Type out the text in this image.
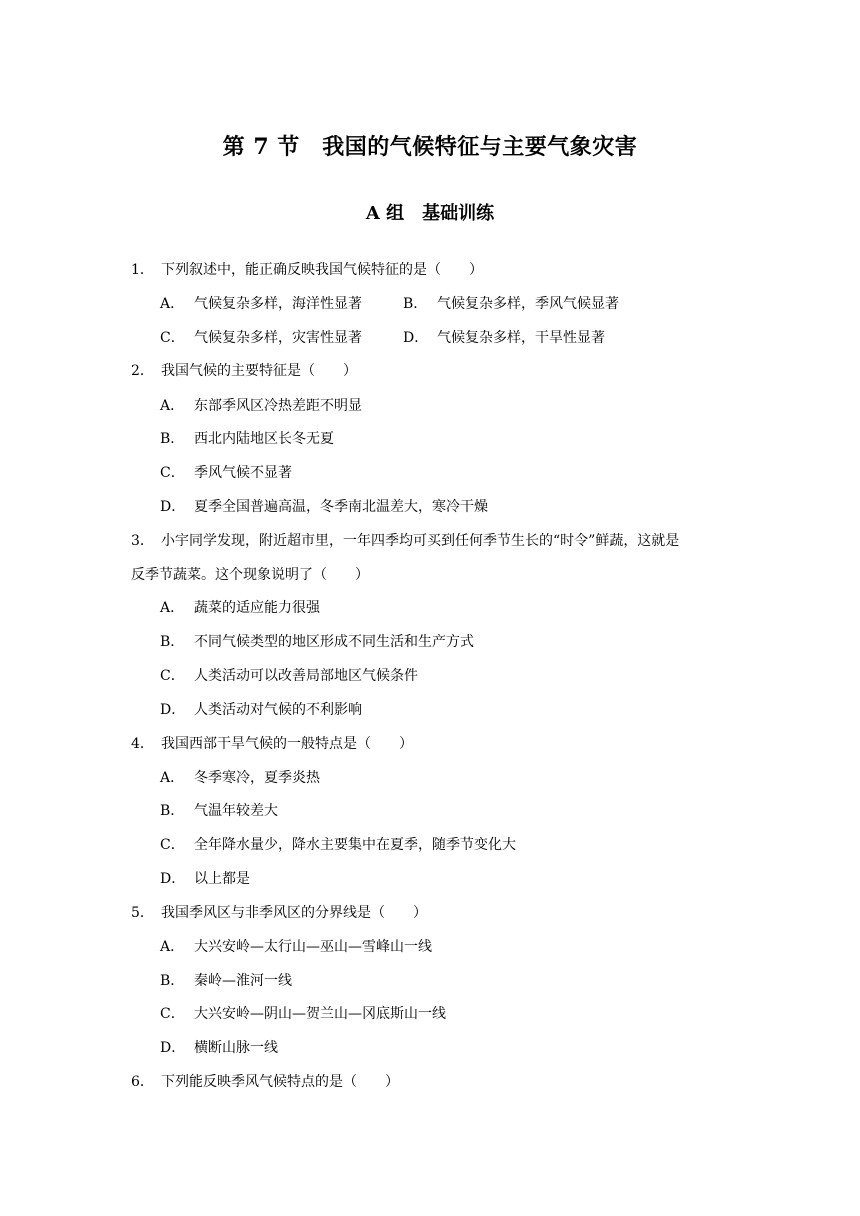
第 7 节　我国的气候特征与主要气象灾害
A 组　基础训练
1． 下列叙述中，能正确反映我国气候特征的是（　　）
A． 气候复杂多样，海洋性显著	B． 气候复杂多样，季风气候显著
C． 气候复杂多样，灾害性显著	D． 气候复杂多样，干旱性显著
2． 我国气候的主要特征是（　　）
A． 东部季风区冷热差距不明显
B． 西北内陆地区长冬无夏
C． 季风气候不显著
D． 夏季全国普遍高温，冬季南北温差大，寒冷干燥
3． 小宇同学发现，附近超市里，一年四季均可买到任何季节生长的“时令”鲜蔬，这就是
反季节蔬菜。这个现象说明了（　　）
A． 蔬菜的适应能力很强
B． 不同气候类型的地区形成不同生活和生产方式
C． 人类活动可以改善局部地区气候条件
D． 人类活动对气候的不利影响
4． 我国西部干旱气候的一般特点是（　　）
A． 冬季寒冷，夏季炎热
B． 气温年较差大
C． 全年降水量少，降水主要集中在夏季，随季节变化大
D． 以上都是
5． 我国季风区与非季风区的分界线是（　　）
A． 大兴安岭—太行山—巫山—雪峰山一线
B． 秦岭—淮河一线
C． 大兴安岭—阴山—贺兰山—冈底斯山一线
D． 横断山脉一线
6． 下列能反映季风气候特点的是（　　）
